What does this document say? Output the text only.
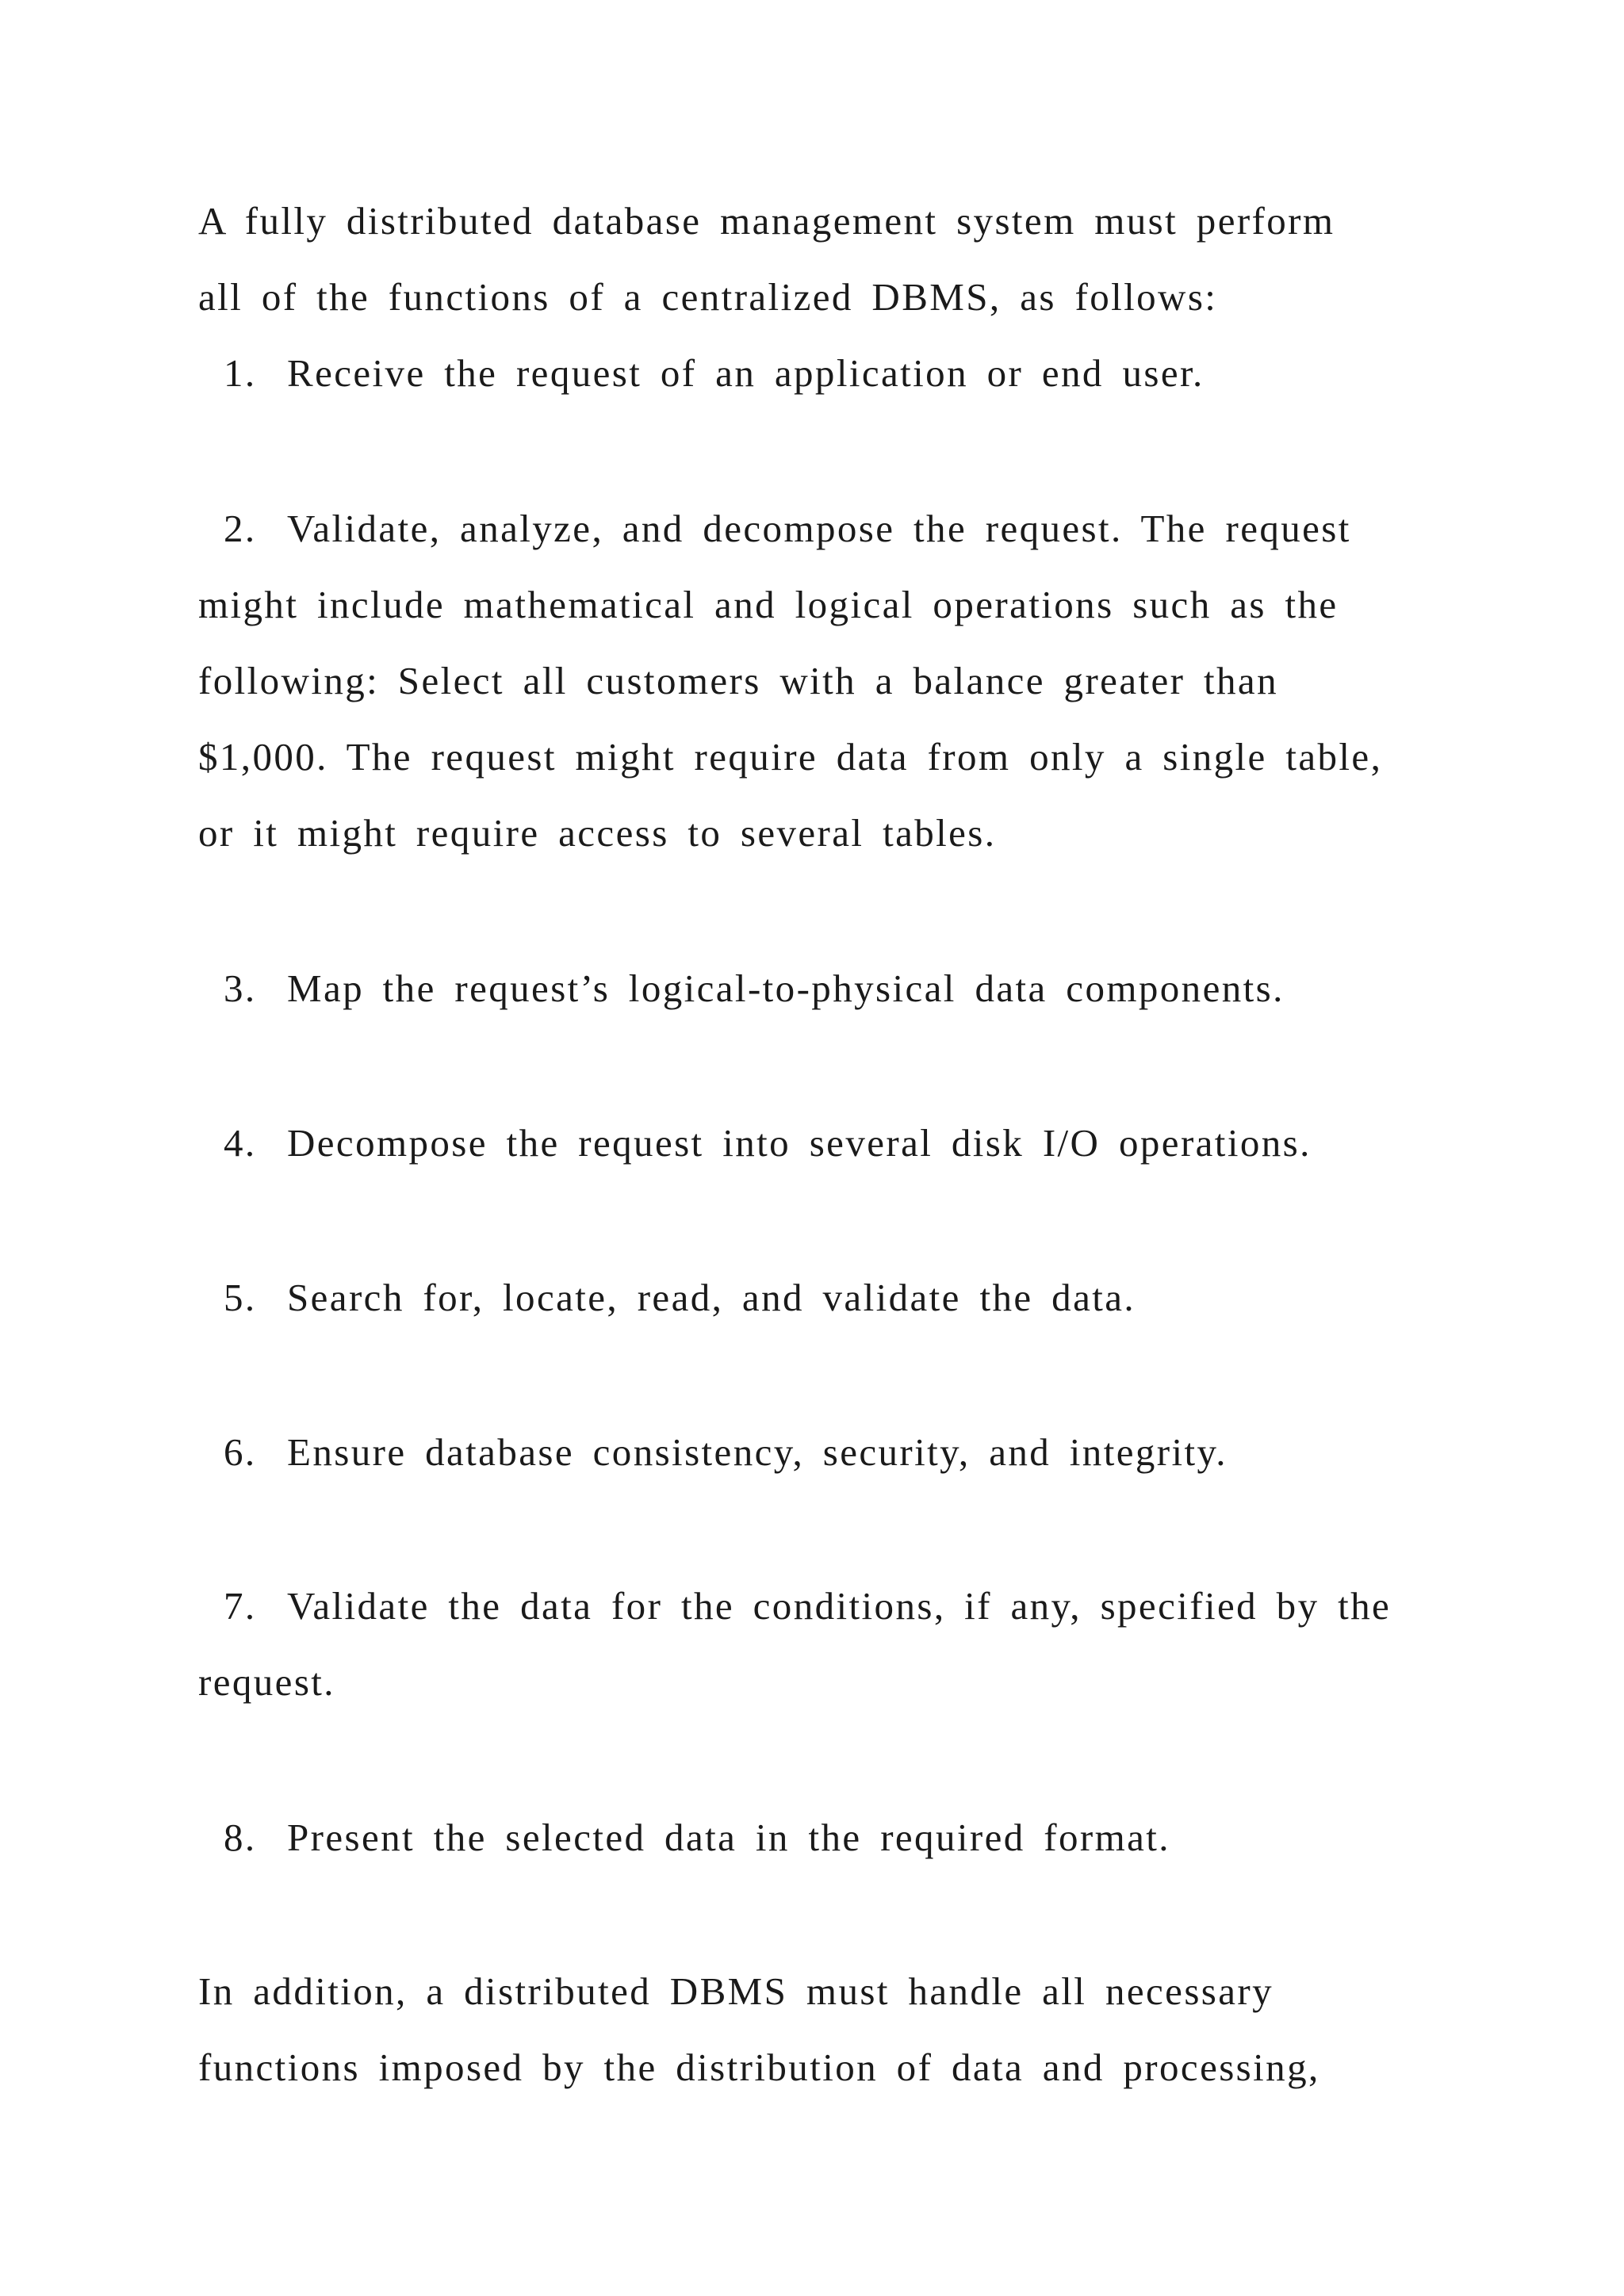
A fully distributed database management system must perform
all of the functions of a centralized DBMS, as follows:
1. Receive the request of an application or end user.
2. Validate, analyze, and decompose the request. The request
might include mathematical and logical operations such as the
following: Select all customers with a balance greater than
$1,000. The request might require data from only a single table,
or it might require access to several tables.
3. Map the request’s logical-to-physical data components.
4. Decompose the request into several disk I/O operations.
5. Search for, locate, read, and validate the data.
6. Ensure database consistency, security, and integrity.
7. Validate the data for the conditions, if any, specified by the
request.
8. Present the selected data in the required format.
In addition, a distributed DBMS must handle all necessary
functions imposed by the distribution of data and processing,
